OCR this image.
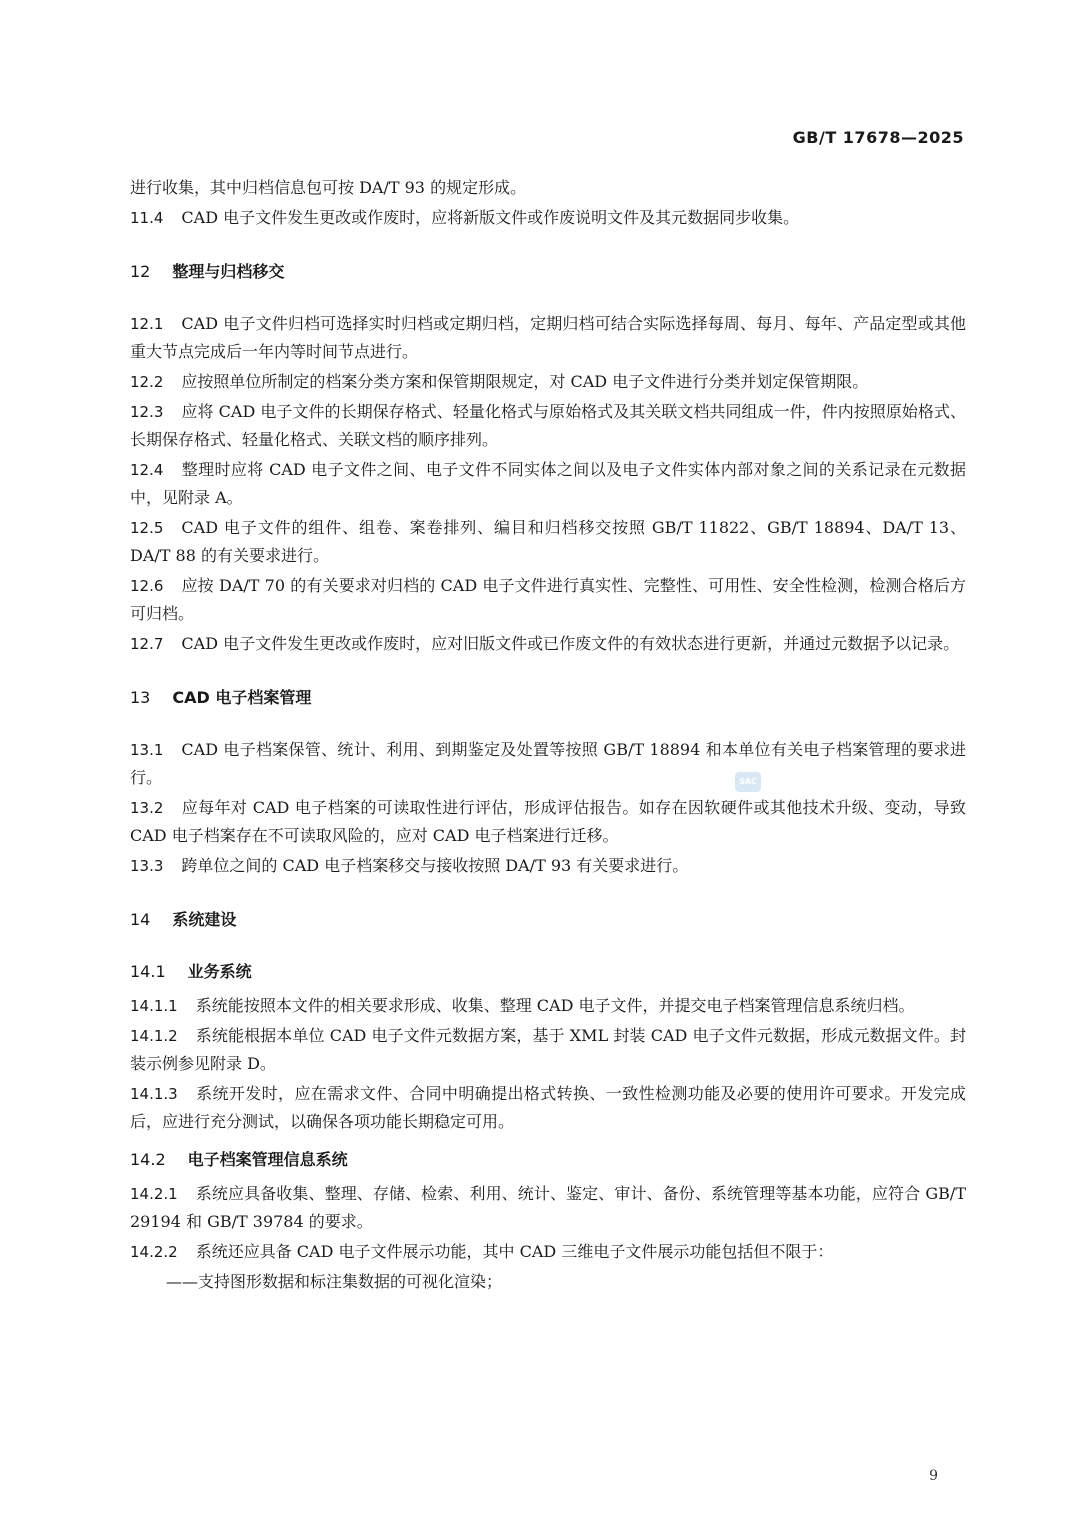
GB/T 17678—2025

进行收集，其中归档信息包可按 DA/T 93 的规定形成。

11.4 CAD 电子文件发生更改或作废时，应将新版文件或作废说明文件及其元数据同步收集。

12 整理与归档移交

12.1 CAD 电子文件归档可选择实时归档或定期归档，定期归档可结合实际选择每周、每月、每年、产品定型或其他重大节点完成后一年内等时间节点进行。

12.2 应按照单位所制定的档案分类方案和保管期限规定，对 CAD 电子文件进行分类并划定保管期限。

12.3 应将 CAD 电子文件的长期保存格式、轻量化格式与原始格式及其关联文档共同组成一件，件内按照原始格式、长期保存格式、轻量化格式、关联文档的顺序排列。

12.4 整理时应将 CAD 电子文件之间、电子文件不同实体之间以及电子文件实体内部对象之间的关系记录在元数据中，见附录 A。

12.5 CAD 电子文件的组件、组卷、案卷排列、编目和归档移交按照 GB/T 11822、GB/T 18894、DA/T 13、DA/T 88 的有关要求进行。

12.6 应按 DA/T 70 的有关要求对归档的 CAD 电子文件进行真实性、完整性、可用性、安全性检测，检测合格后方可归档。

12.7 CAD 电子文件发生更改或作废时，应对旧版文件或已作废文件的有效状态进行更新，并通过元数据予以记录。

13 CAD 电子档案管理

13.1 CAD 电子档案保管、统计、利用、到期鉴定及处置等按照 GB/T 18894 和本单位有关电子档案管理的要求进行。

13.2 应每年对 CAD 电子档案的可读取性进行评估，形成评估报告。如存在因软硬件或其他技术升级、变动，导致 CAD 电子档案存在不可读取风险的，应对 CAD 电子档案进行迁移。

13.3 跨单位之间的 CAD 电子档案移交与接收按照 DA/T 93 有关要求进行。

14 系统建设
14.1 业务系统

14.1.1 系统能按照本文件的相关要求形成、收集、整理 CAD 电子文件，并提交电子档案管理信息系统归档。

14.1.2 系统能根据本单位 CAD 电子文件元数据方案，基于 XML 封装 CAD 电子文件元数据，形成元数据文件。封装示例参见附录 D。

14.1.3 系统开发时，应在需求文件、合同中明确提出格式转换、一致性检测功能及必要的使用许可要求。开发完成后，应进行充分测试，以确保各项功能长期稳定可用。

14.2 电子档案管理信息系统

14.2.1 系统应具备收集、整理、存储、检索、利用、统计、鉴定、审计、备份、系统管理等基本功能，应符合 GB/T 29194 和 GB/T 39784 的要求。

14.2.2 系统还应具备 CAD 电子文件展示功能，其中 CAD 三维电子文件展示功能包括但不限于：

——支持图形数据和标注集数据的可视化渲染；
SAC
9
